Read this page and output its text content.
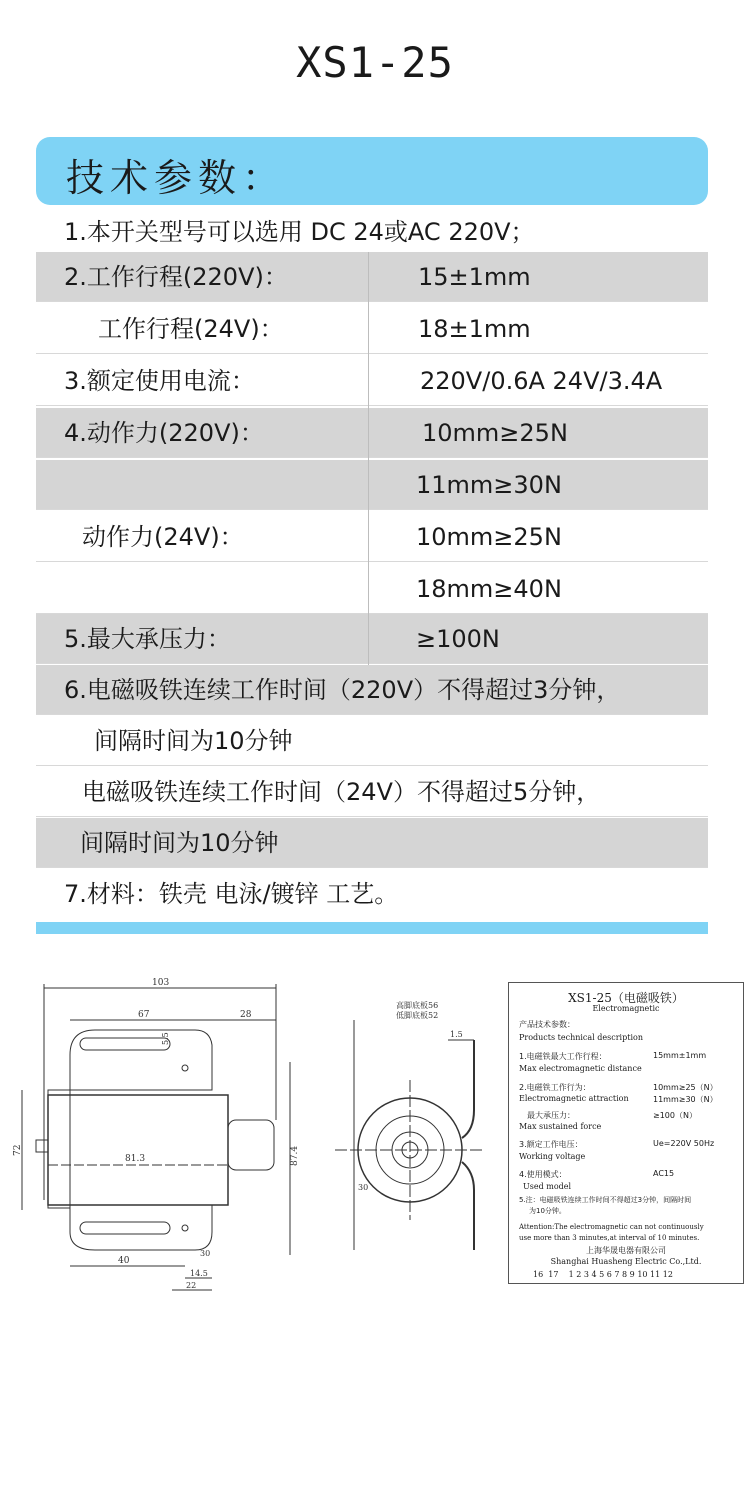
XS1-25
技术参数：
1.本开关型号可以选用 DC 24或AC 220V；
2.工作行程(220V)：	15±1mm
工作行程(24V)：	18±1mm
3.额定使用电流：	220V/0.6A 24V/3.4A
4.动作力(220V)：	10mm≥25N
11mm≥30N
动作力(24V)：	10mm≥25N
18mm≥40N
5.最大承压力：	≥100N
6.电磁吸铁连续工作时间（220V）不得超过3分钟，
间隔时间为10分钟
电磁吸铁连续工作时间（24V）不得超过5分钟，
间隔时间为10分钟
7.材料：铁壳 电泳/镀锌 工艺。
103
67	28
5.5
72	87.4
81.3
40
30
14.5
22
高脚底板56
低脚底板52
1.5
30
XS1-25（电磁吸铁）
Electromagnetic
产品技术参数：
Products technical description
1.电磁铁最大工作行程：	15mm±1mm
Max electromagnetic distance
2.电磁铁工作行为：	10mm≥25（N）
Electromagnetic attraction	11mm≥30（N）
最大承压力：	≥100（N）
Max sustained force
3.额定工作电压：	Ue=220V 50Hz
Working voltage
4.使用模式：	AC15
Used model
5.注：电磁吸铁连续工作时间不得超过3分钟，间隔时间
为10分钟。
Attention:The electromagnetic can not continuously
use more than 3 minutes,at interval of 10 minutes.
上海华晟电器有限公司
Shanghai Huasheng Electric Co.,Ltd.
16  17    1 2 3 4 5 6 7 8 9 10 11 12
